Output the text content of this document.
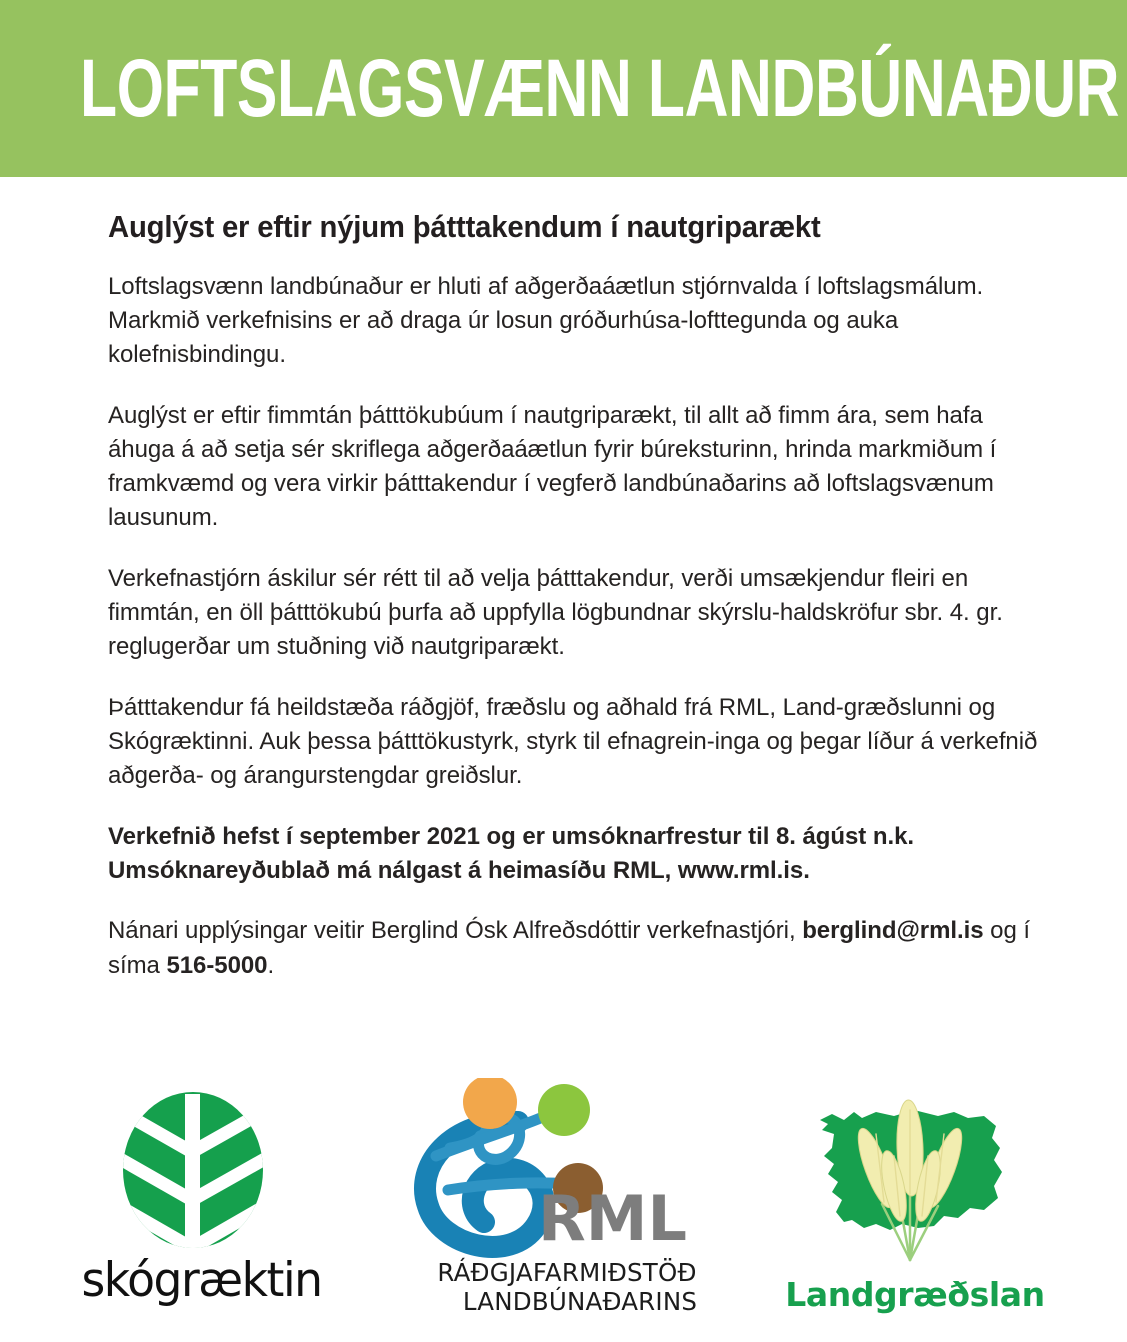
LOFTSLAGSVÆNN LANDBÚNAÐUR
Auglýst er eftir nýjum þátttakendum í nautgriparækt

Loftslagsvænn landbúnaður er hluti af aðgerðaáætlun stjórnvalda í loftslagsmálum. Markmið verkefnisins er að draga úr losun gróðurhúsa-lofttegunda og auka kolefnisbindingu.

Auglýst er eftir fimmtán þátttökubúum í nautgriparækt, til allt að fimm ára, sem hafa áhuga á að setja sér skriflega aðgerðaáætlun fyrir búreksturinn, hrinda markmiðum í framkvæmd og vera virkir þátttakendur í vegferð landbúnaðarins að loftslagsvænum lausunum.

Verkefnastjórn áskilur sér rétt til að velja þátttakendur, verði umsækjendur fleiri en fimmtán, en öll þátttökubú þurfa að uppfylla lögbundnar skýrslu-haldskröfur sbr. 4. gr. reglugerðar um stuðning við nautgriparækt.

Þátttakendur fá heildstæða ráðgjöf, fræðslu og aðhald frá RML, Land-græðslunni og Skógræktinni. Auk þessa þátttökustyrk, styrk til efnagrein-inga og þegar líður á verkefnið aðgerða- og árangurstengdar greiðslur.

Verkefnið hefst í september 2021 og er umsóknarfrestur til 8. ágúst n.k. Umsóknareyðublað má nálgast á heimasíðu RML, www.rml.is.

Nánari upplýsingar veitir Berglind Ósk Alfreðsdóttir verkefnastjóri, berglind@rml.is og í síma 516-5000.

skógræktin
RML
RÁÐGJAFARMIÐSTÖÐ
LANDBÚNAÐARINS	Landgræðslan
